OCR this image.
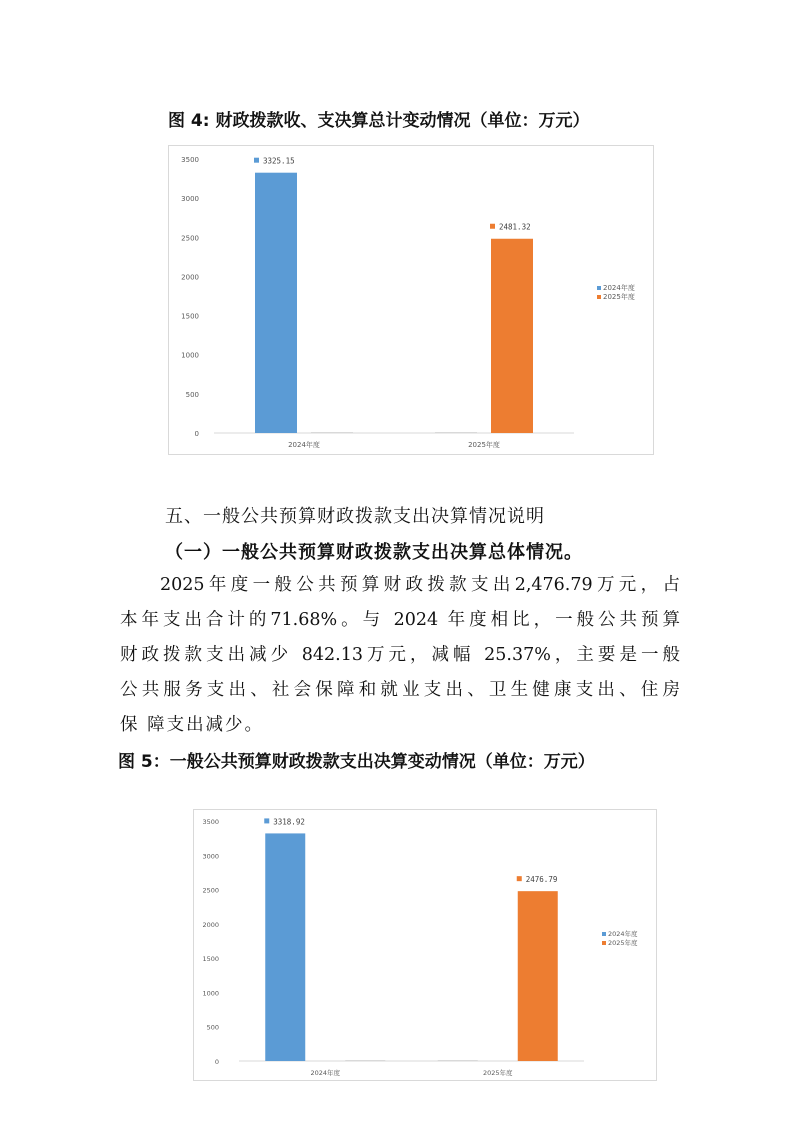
图 4: 财政拨款收、支决算总计变动情况（单位：万元）
0
500
1000
1500
2000
2500
3000
3500	3325.15
2024年度
2481.32
2025年度
2024年度
2025年度
五、一般公共预算财政拨款支出决算情况说明
（一）一般公共预算财政拨款支出决算总体情况。
2025年度一般公共预算财政拨款支出2,476.79万元，占
本年支出合计的71.68%。与 2024 年度相比，一般公共预算
财政拨款支出减少 842.13万元，减幅 25.37%，主要是一般
公共服务支出、社会保障和就业支出、卫生健康支出、住房
保 障支出减少。
图 5：一般公共预算财政拨款支出决算变动情况（单位：万元）
0
500
1000
1500
2000
2500
3000
3500	3318.92
2024年度
2476.79
2025年度
2024年度
2025年度
